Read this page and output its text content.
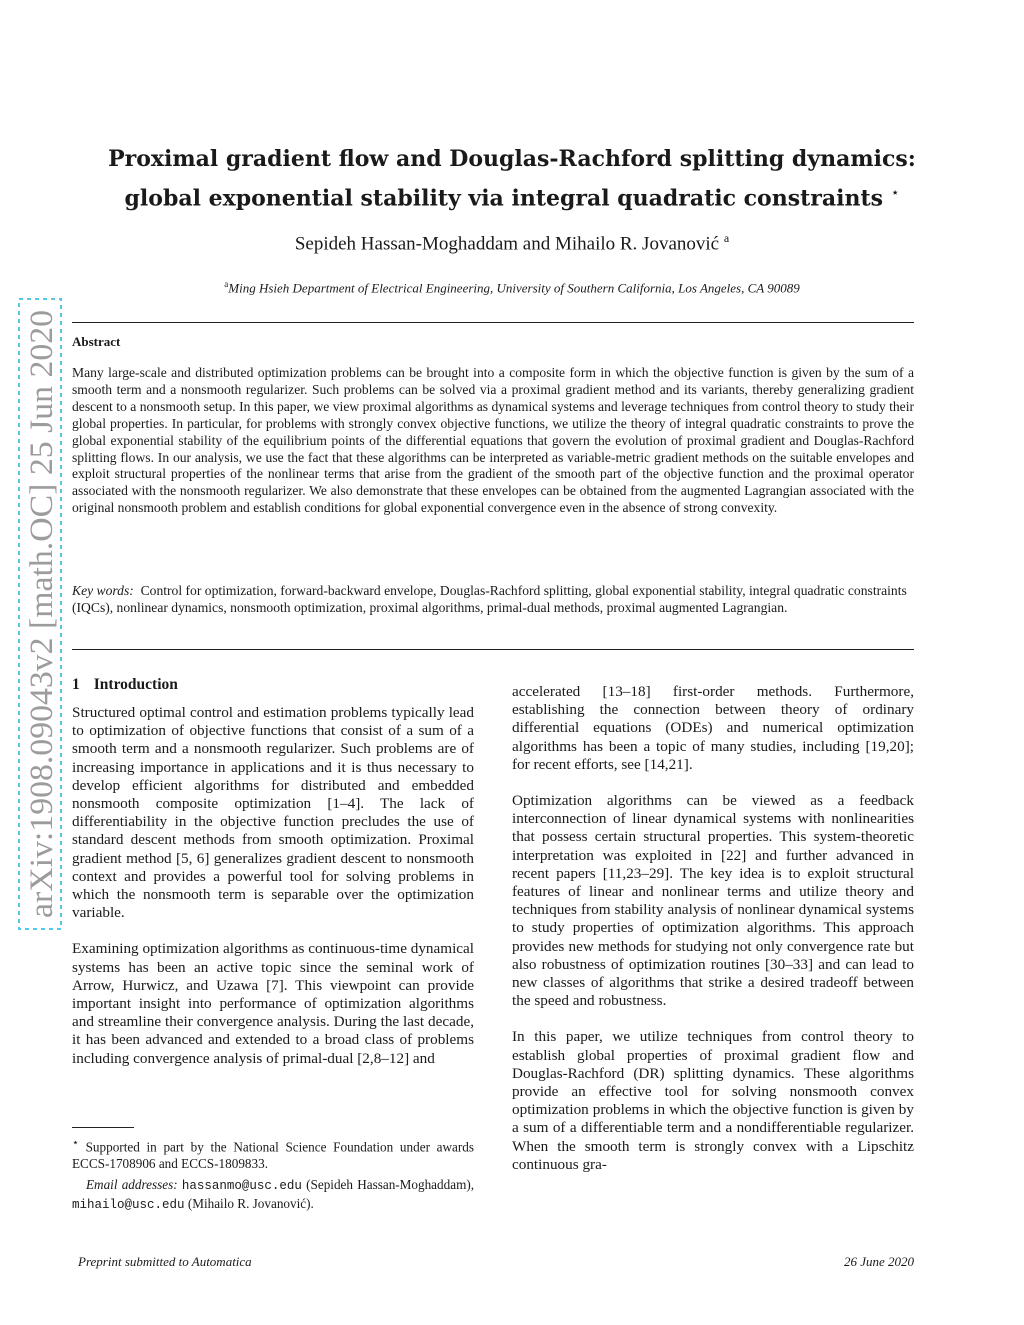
arXiv:1908.09043v2 [math.OC] 25 Jun 2020
Proximal gradient flow and Douglas-Rachford splitting dynamics:
global exponential stability via integral quadratic constraints ⋆
Sepideh Hassan-Moghaddam and Mihailo R. Jovanović $^a$
$^a$Ming Hsieh Department of Electrical Engineering, University of Southern California, Los Angeles, CA 90089
Abstract
Many large-scale and distributed optimization problems can be brought into a composite form in which the objective function is given by the sum of a smooth term and a nonsmooth regularizer. Such problems can be solved via a proximal gradient method and its variants, thereby generalizing gradient descent to a nonsmooth setup. In this paper, we view proximal algorithms as dynamical systems and leverage techniques from control theory to study their global properties. In particular, for problems with strongly convex objective functions, we utilize the theory of integral quadratic constraints to prove the global exponential stability of the equilibrium points of the differential equations that govern the evolution of proximal gradient and Douglas-Rachford splitting flows. In our analysis, we use the fact that these algorithms can be interpreted as variable-metric gradient methods on the suitable envelopes and exploit structural properties of the nonlinear terms that arise from the gradient of the smooth part of the objective function and the proximal operator associated with the nonsmooth regularizer. We also demonstrate that these envelopes can be obtained from the augmented Lagrangian associated with the original nonsmooth problem and establish conditions for global exponential convergence even in the absence of strong convexity.
Key words: Control for optimization, forward-backward envelope, Douglas-Rachford splitting, global exponential stability, integral quadratic constraints (IQCs), nonlinear dynamics, nonsmooth optimization, proximal algorithms, primal-dual methods, proximal augmented Lagrangian.
1 Introduction

Structured optimal control and estimation problems typically lead to optimization of objective functions that consist of a sum of a smooth term and a nonsmooth regularizer. Such problems are of increasing importance in applications and it is thus necessary to develop efficient algorithms for distributed and embedded nonsmooth composite optimization [1–4]. The lack of differentiability in the objective function precludes the use of standard descent methods from smooth optimization. Proximal gradient method [5, 6] generalizes gradient descent to nonsmooth context and provides a powerful tool for solving problems in which the nonsmooth term is separable over the optimization variable.

Examining optimization algorithms as continuous-time dynamical systems has been an active topic since the seminal work of Arrow, Hurwicz, and Uzawa [7]. This viewpoint can provide important insight into performance of optimization algorithms and streamline their convergence analysis. During the last decade, it has been advanced and extended to a broad class of problems including convergence analysis of primal-dual [2,8–12] and

accelerated [13–18] first-order methods. Furthermore, establishing the connection between theory of ordinary differential equations (ODEs) and numerical optimization algorithms has been a topic of many studies, including [19,20]; for recent efforts, see [14,21].

Optimization algorithms can be viewed as a feedback interconnection of linear dynamical systems with nonlinearities that possess certain structural properties. This system-theoretic interpretation was exploited in [22] and further advanced in recent papers [11,23–29]. The key idea is to exploit structural features of linear and nonlinear terms and utilize theory and techniques from stability analysis of nonlinear dynamical systems to study properties of optimization algorithms. This approach provides new methods for studying not only convergence rate but also robustness of optimization routines [30–33] and can lead to new classes of algorithms that strike a desired tradeoff between the speed and robustness.

In this paper, we utilize techniques from control theory to establish global properties of proximal gradient flow and Douglas-Rachford (DR) splitting dynamics. These algorithms provide an effective tool for solving nonsmooth convex optimization problems in which the objective function is given by a sum of a differentiable term and a nondifferentiable regularizer. When the smooth term is strongly convex with a Lipschitz continuous gra-

⋆ Supported in part by the National Science Foundation under awards ECCS-1708906 and ECCS-1809833.

Email addresses: hassanmo@usc.edu (Sepideh Hassan-Moghaddam), mihailo@usc.edu (Mihailo R. Jovanović).

Preprint submitted to Automatica	26 June 2020
